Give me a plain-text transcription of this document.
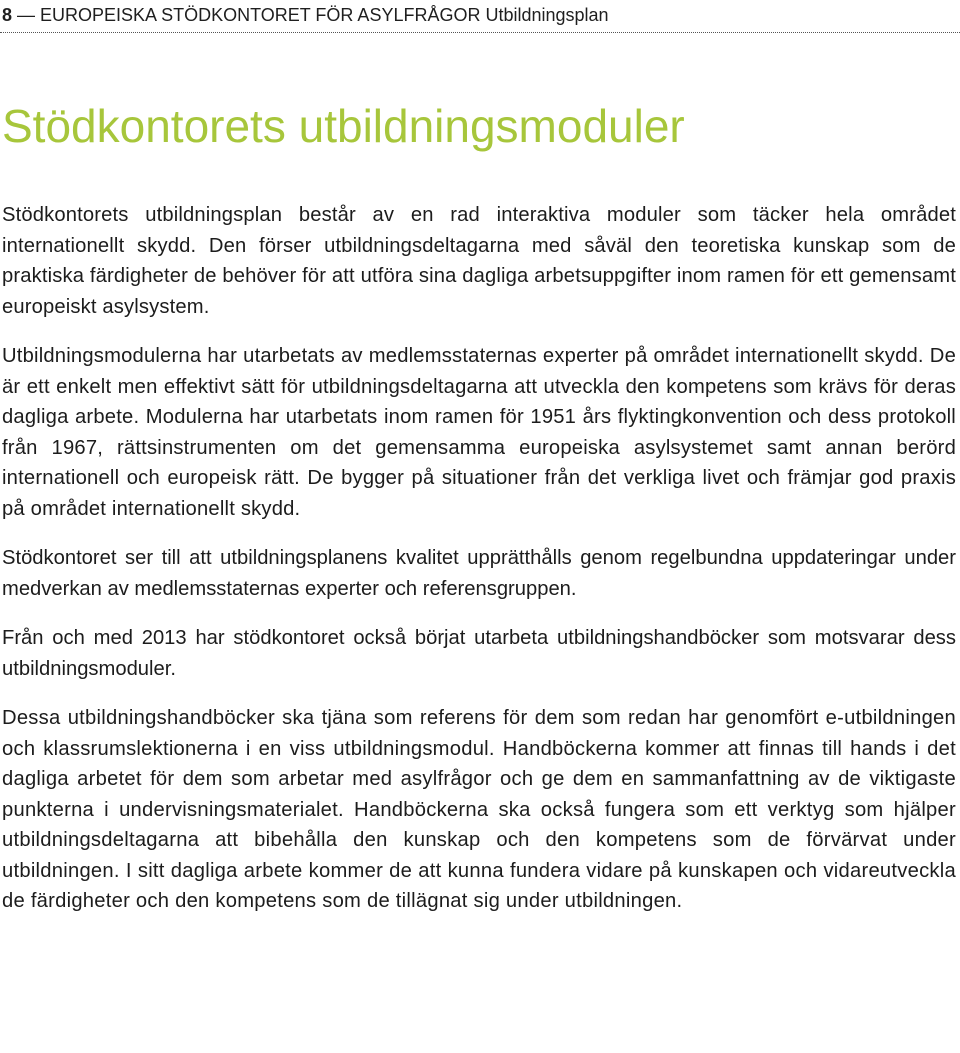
8 — EUROPEISKA STÖDKONTORET FÖR ASYLFRÅGOR Utbildningsplan
Stödkontorets utbildningsmoduler

Stödkontorets utbildningsplan består av en rad interaktiva moduler som täcker hela området internationellt skydd. Den förser utbildningsdeltagarna med såväl den teoretiska kunskap som de praktiska färdigheter de behöver för att utföra sina dagliga arbetsuppgifter inom ramen för ett gemensamt europeiskt asylsystem.

Utbildningsmodulerna har utarbetats av medlemsstaternas experter på området internationellt skydd. De är ett enkelt men effektivt sätt för utbildningsdeltagarna att utveckla den kompetens som krävs för deras dagliga arbete. Modulerna har utarbetats inom ramen för 1951 års flyktingkonvention och dess protokoll från 1967, rättsinstrumenten om det gemensamma europeiska asylsystemet samt annan berörd internationell och europeisk rätt. De bygger på situationer från det verkliga livet och främjar god praxis på området internationellt skydd.

Stödkontoret ser till att utbildningsplanens kvalitet upprätthålls genom regelbundna uppdateringar under medverkan av medlemsstaternas experter och referensgruppen.

Från och med 2013 har stödkontoret också börjat utarbeta utbildningshandböcker som motsvarar dess utbildningsmoduler.

Dessa utbildningshandböcker ska tjäna som referens för dem som redan har genomfört e-utbildningen och klassrumslektionerna i en viss utbildningsmodul. Handböckerna kommer att finnas till hands i det dagliga arbetet för dem som arbetar med asylfrågor och ge dem en sammanfattning av de viktigaste punkterna i undervisningsmaterialet. Handböckerna ska också fungera som ett verktyg som hjälper utbildningsdeltagarna att bibehålla den kunskap och den kompetens som de förvärvat under utbildningen. I sitt dagliga arbete kommer de att kunna fundera vidare på kunskapen och vidareutveckla de färdigheter och den kompetens som de tillägnat sig under utbildningen.
